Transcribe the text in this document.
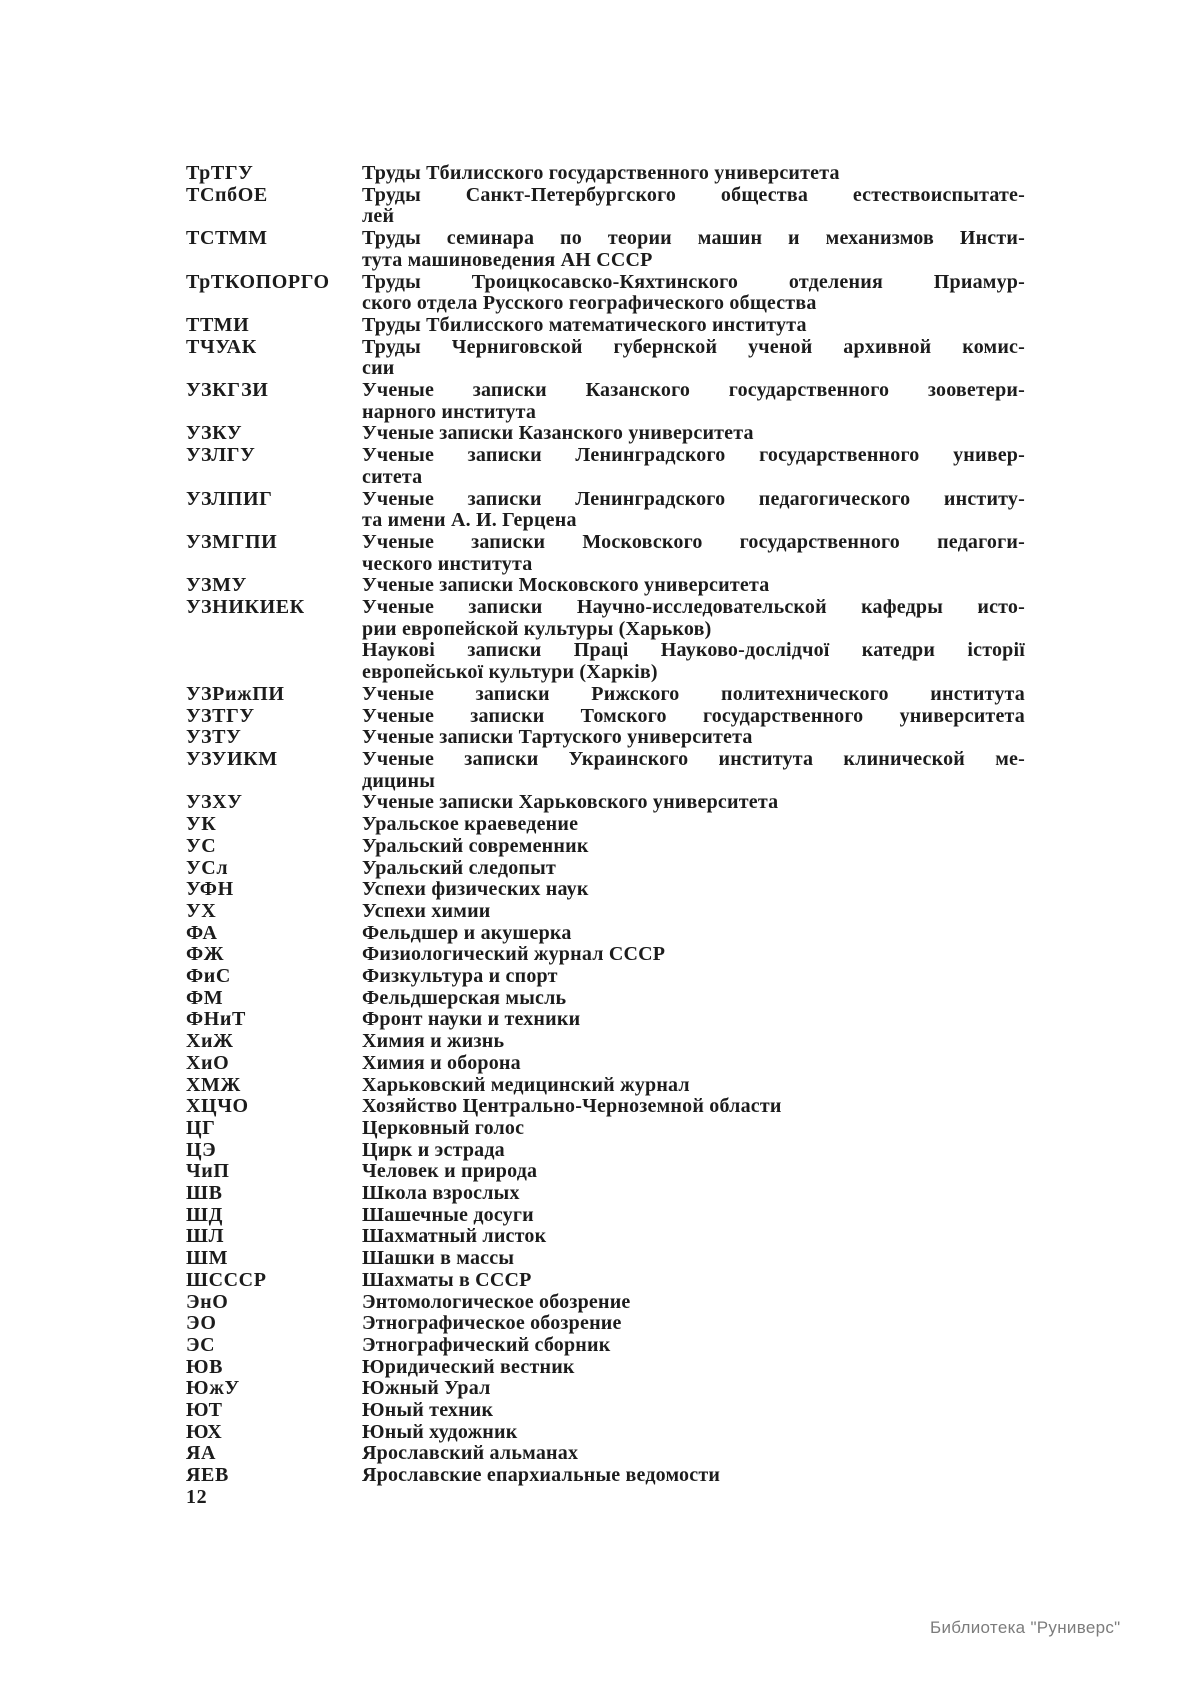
ТрТГУ	Труды Тбилисского государственного университета
ТСпбОЕ	Труды Санкт-Петербургского общества естествоиспытате-
лей
ТСТММ	Труды семинара по теории машин и механизмов Инсти-
тута машиноведения АН СССР
ТрТКОПОРГО	Труды Троицкосавско-Кяхтинского отделения Приамур-
ского отдела Русского географического общества
ТТМИ	Труды Тбилисского математического института
ТЧУАК	Труды Черниговской губернской ученой архивной комис-
сии
УЗКГЗИ	Ученые записки Казанского государственного зооветери-
нарного института
УЗКУ	Ученые записки Казанского университета
УЗЛГУ	Ученые записки Ленинградского государственного универ-
ситета
УЗЛПИГ	Ученые записки Ленинградского педагогического институ-
та имени А. И. Герцена
УЗМГПИ	Ученые записки Московского государственного педагоги-
ческого института
УЗМУ	Ученые записки Московского университета
УЗНИКИЕК	Ученые записки Научно-исследовательской кафедры исто-
рии европейской культуры (Харьков)
Наукові записки Праці Науково-дослідчої катедри історії
европейської культури (Харків)
УЗРижПИ	Ученые записки Рижского политехнического института
УЗТГУ	Ученые записки Томского государственного университета
УЗТУ	Ученые записки Тартуского университета
УЗУИКМ	Ученые записки Украинского института клинической ме-
дицины
УЗХУ	Ученые записки Харьковского университета
УК	Уральское краеведение
УС	Уральский современник
УСл	Уральский следопыт
УФН	Успехи физических наук
УХ	Успехи химии
ФА	Фельдшер и акушерка
ФЖ	Физиологический журнал СССР
ФиС	Физкультура и спорт
ФМ	Фельдшерская мысль
ФНиТ	Фронт науки и техники
ХиЖ	Химия и жизнь
ХиО	Химия и оборона
ХМЖ	Харьковский медицинский журнал
ХЦЧО	Хозяйство Центрально-Черноземной области
ЦГ	Церковный голос
ЦЭ	Цирк и эстрада
ЧиП	Человек и природа
ШВ	Школа взрослых
ШД	Шашечные досуги
ШЛ	Шахматный листок
ШМ	Шашки в массы
ШСССР	Шахматы в СССР
ЭнО	Энтомологическое обозрение
ЭО	Этнографическое обозрение
ЭС	Этнографический сборник
ЮВ	Юридический вестник
ЮжУ	Южный Урал
ЮТ	Юный техник
ЮХ	Юный художник
ЯА	Ярославский альманах
ЯЕВ	Ярославские епархиальные ведомости
12
Библиотека "Руниверс"
